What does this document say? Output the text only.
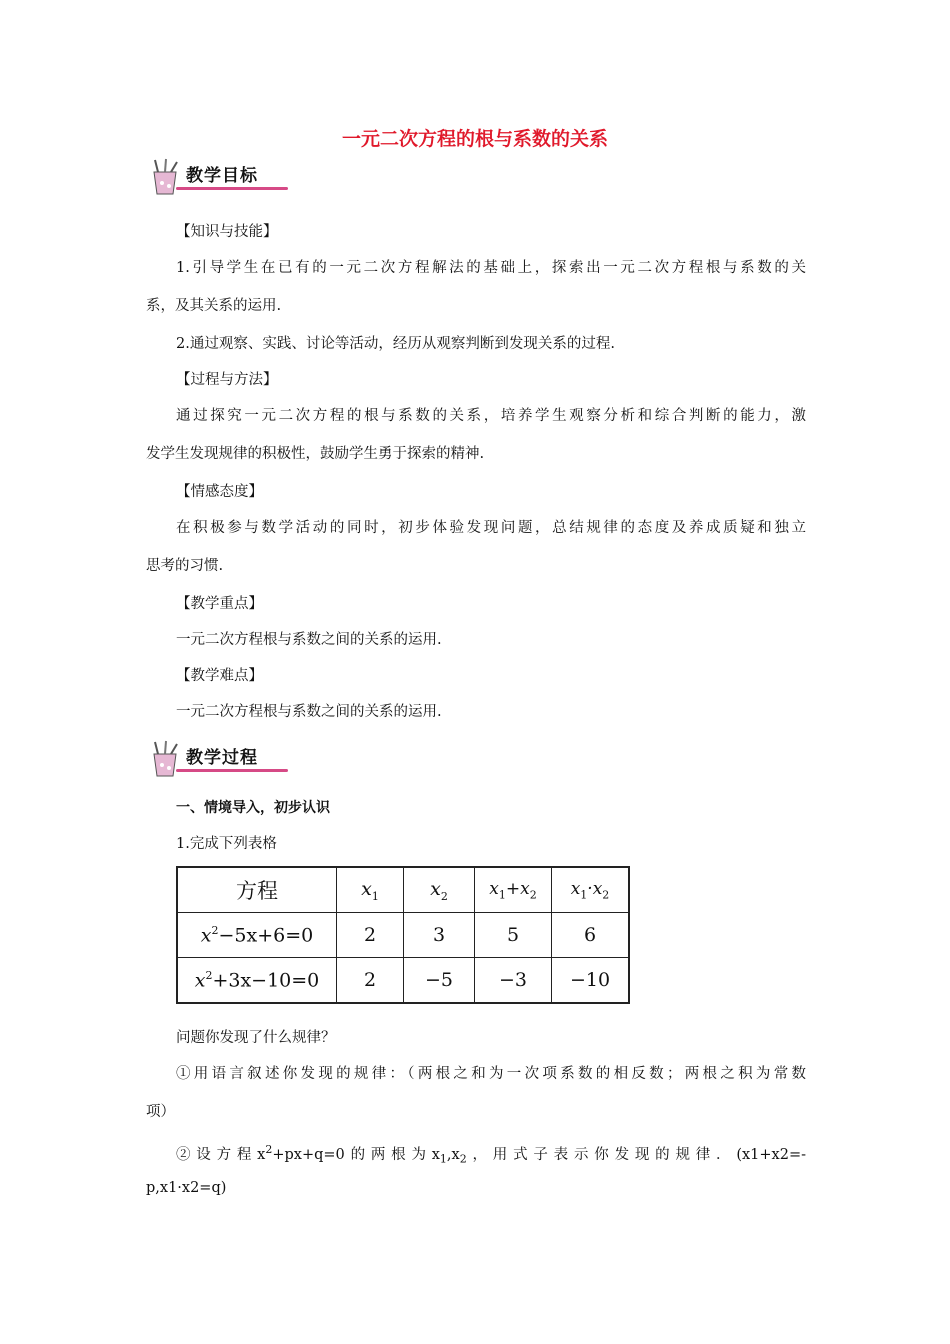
一元二次方程的根与系数的关系
教学目标
【知识与技能】
1.引导学生在已有的一元二次方程解法的基础上，探索出一元二次方程根与系数的关
系，及其关系的运用.
2.通过观察、实践、讨论等活动，经历从观察判断到发现关系的过程.
【过程与方法】
通过探究一元二次方程的根与系数的关系，培养学生观察分析和综合判断的能力，激
发学生发现规律的积极性，鼓励学生勇于探索的精神.
【情感态度】
在积极参与数学活动的同时，初步体验发现问题，总结规律的态度及养成质疑和独立
思考的习惯.
【教学重点】
一元二次方程根与系数之间的关系的运用.
【教学难点】
一元二次方程根与系数之间的关系的运用.
教学过程
一、情境导入，初步认识
1.完成下列表格
方程	$x_1$	$x_2$	$x_1+x_2$	$x_1\cdot x_2$
$x^2-5x+6=0$	2	3	5	6
$x^2+3x-10=0$	2	−5	−3	−10
问题你发现了什么规律？
①用语言叙述你发现的规律：（两根之和为一次项系数的相反数；两根之积为常数
项）
②设方程$x^2+px+q=0$的两根为$x_1,x_2$，用式子表示你发现的规律．(x1+x2=-
p,x1·x2=q)
